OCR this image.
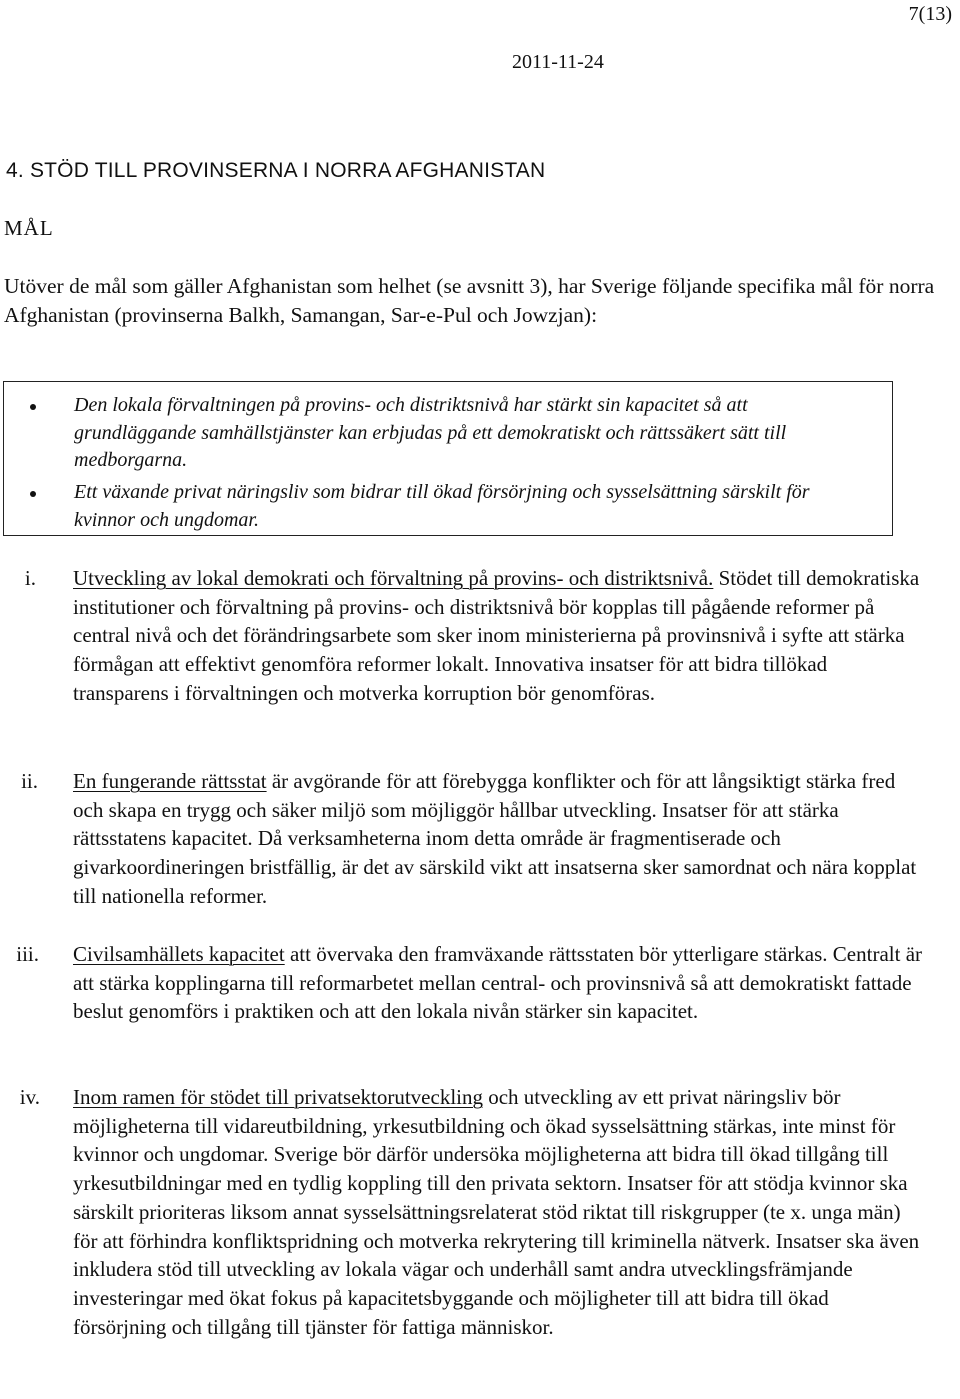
7(13)
2011-11-24
4. STÖD TILL PROVINSERNA I NORRA AFGHANISTAN
MÅL

Utöver de mål som gäller Afghanistan som helhet (se avsnitt 3), har Sverige följande specifika mål för norra Afghanistan (provinserna Balkh, Samangan, Sar-e-Pul och Jowzjan):

Den lokala förvaltningen på provins- och distriktsnivå har stärkt sin kapacitet så att grundläggande samhällstjänster kan erbjudas på ett demokratiskt och rättssäkert sätt till medborgarna.
Ett växande privat näringsliv som bidrar till ökad försörjning och sysselsättning särskilt för kvinnor och ungdomar.
i. Utveckling av lokal demokrati och förvaltning på provins- och distriktsnivå. Stödet till demokratiska institutioner och förvaltning på provins- och distriktsnivå bör kopplas till pågående reformer på central nivå och det förändringsarbete som sker inom ministerierna på provinsnivå i syfte att stärka förmågan att effektivt genomföra reformer lokalt. Innovativa insatser för att bidra tillökad transparens i förvaltningen och motverka korruption bör genomföras.

ii. En fungerande rättsstat är avgörande för att förebygga konflikter och för att långsiktigt stärka fred och skapa en trygg och säker miljö som möjliggör hållbar utveckling. Insatser för att stärka rättsstatens kapacitet. Då verksamheterna inom detta område är fragmentiserade och givarkoordineringen bristfällig, är det av särskild vikt att insatserna sker samordnat och nära kopplat till nationella reformer.

iii. Civilsamhällets kapacitet att övervaka den framväxande rättsstaten bör ytterligare stärkas. Centralt är att stärka kopplingarna till reformarbetet mellan central- och provinsnivå så att demokratiskt fattade beslut genomförs i praktiken och att den lokala nivån stärker sin kapacitet.

iv. Inom ramen för stödet till privatsektorutveckling och utveckling av ett privat näringsliv bör möjligheterna till vidareutbildning, yrkesutbildning och ökad sysselsättning stärkas, inte minst för kvinnor och ungdomar. Sverige bör därför undersöka möjligheterna att bidra till ökad tillgång till yrkesutbildningar med en tydlig koppling till den privata sektorn. Insatser för att stödja kvinnor ska särskilt prioriteras liksom annat sysselsättningsrelaterat stöd riktat till riskgrupper (te x. unga män) för att förhindra konfliktspridning och motverka rekrytering till kriminella nätverk. Insatser ska även inkludera stöd till utveckling av lokala vägar och underhåll samt andra utvecklingsfrämjande investeringar med ökat fokus på kapacitetsbyggande och möjligheter till att bidra till ökad försörjning och tillgång till tjänster för fattiga människor.
